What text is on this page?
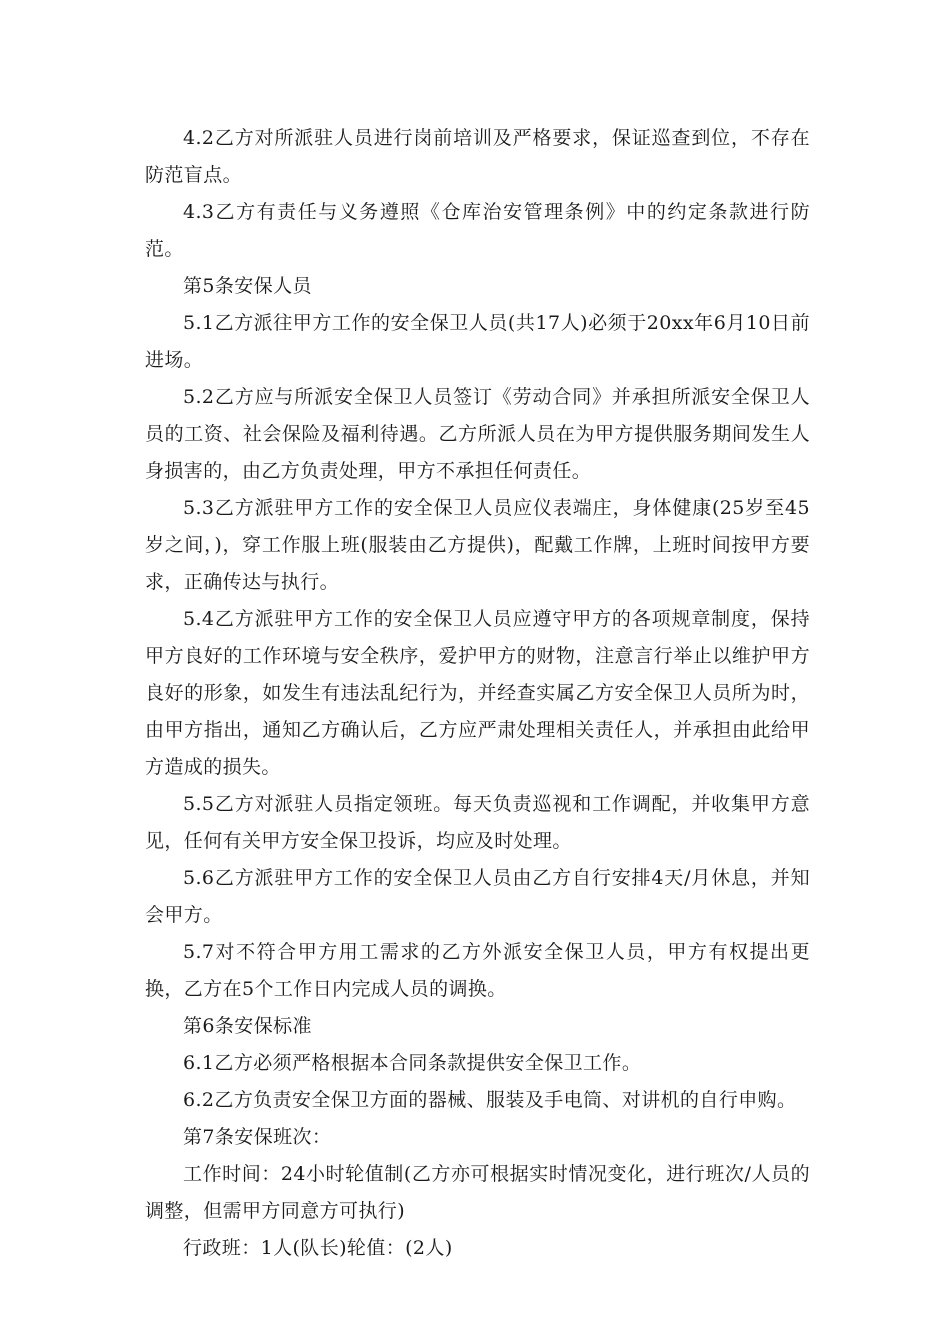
4.2乙方对所派驻人员进行岗前培训及严格要求，保证巡查到位，不存在防范盲点。

4.3乙方有责任与义务遵照《仓库治安管理条例》中的约定条款进行防范。

第5条安保人员

5.1乙方派往甲方工作的安全保卫人员(共17人)必须于20xx年6月10日前进场。

5.2乙方应与所派安全保卫人员签订《劳动合同》并承担所派安全保卫人员的工资、社会保险及福利待遇。乙方所派人员在为甲方提供服务期间发生人身损害的，由乙方负责处理，甲方不承担任何责任。

5.3乙方派驻甲方工作的安全保卫人员应仪表端庄，身体健康(25岁至45岁之间，)，穿工作服上班(服装由乙方提供)，配戴工作牌，上班时间按甲方要求，正确传达与执行。

5.4乙方派驻甲方工作的安全保卫人员应遵守甲方的各项规章制度，保持甲方良好的工作环境与安全秩序，爱护甲方的财物，注意言行举止以维护甲方良好的形象，如发生有违法乱纪行为，并经查实属乙方安全保卫人员所为时，由甲方指出，通知乙方确认后，乙方应严肃处理相关责任人，并承担由此给甲方造成的损失。

5.5乙方对派驻人员指定领班。每天负责巡视和工作调配，并收集甲方意见，任何有关甲方安全保卫投诉，均应及时处理。

5.6乙方派驻甲方工作的安全保卫人员由乙方自行安排4天/月休息，并知会甲方。

5.7对不符合甲方用工需求的乙方外派安全保卫人员，甲方有权提出更换，乙方在5个工作日内完成人员的调换。

第6条安保标准

6.1乙方必须严格根据本合同条款提供安全保卫工作。

6.2乙方负责安全保卫方面的器械、服装及手电筒、对讲机的自行申购。

第7条安保班次：

工作时间：24小时轮值制(乙方亦可根据实时情况变化，进行班次/人员的调整，但需甲方同意方可执行)

行政班：1人(队长)轮值：(2人)
